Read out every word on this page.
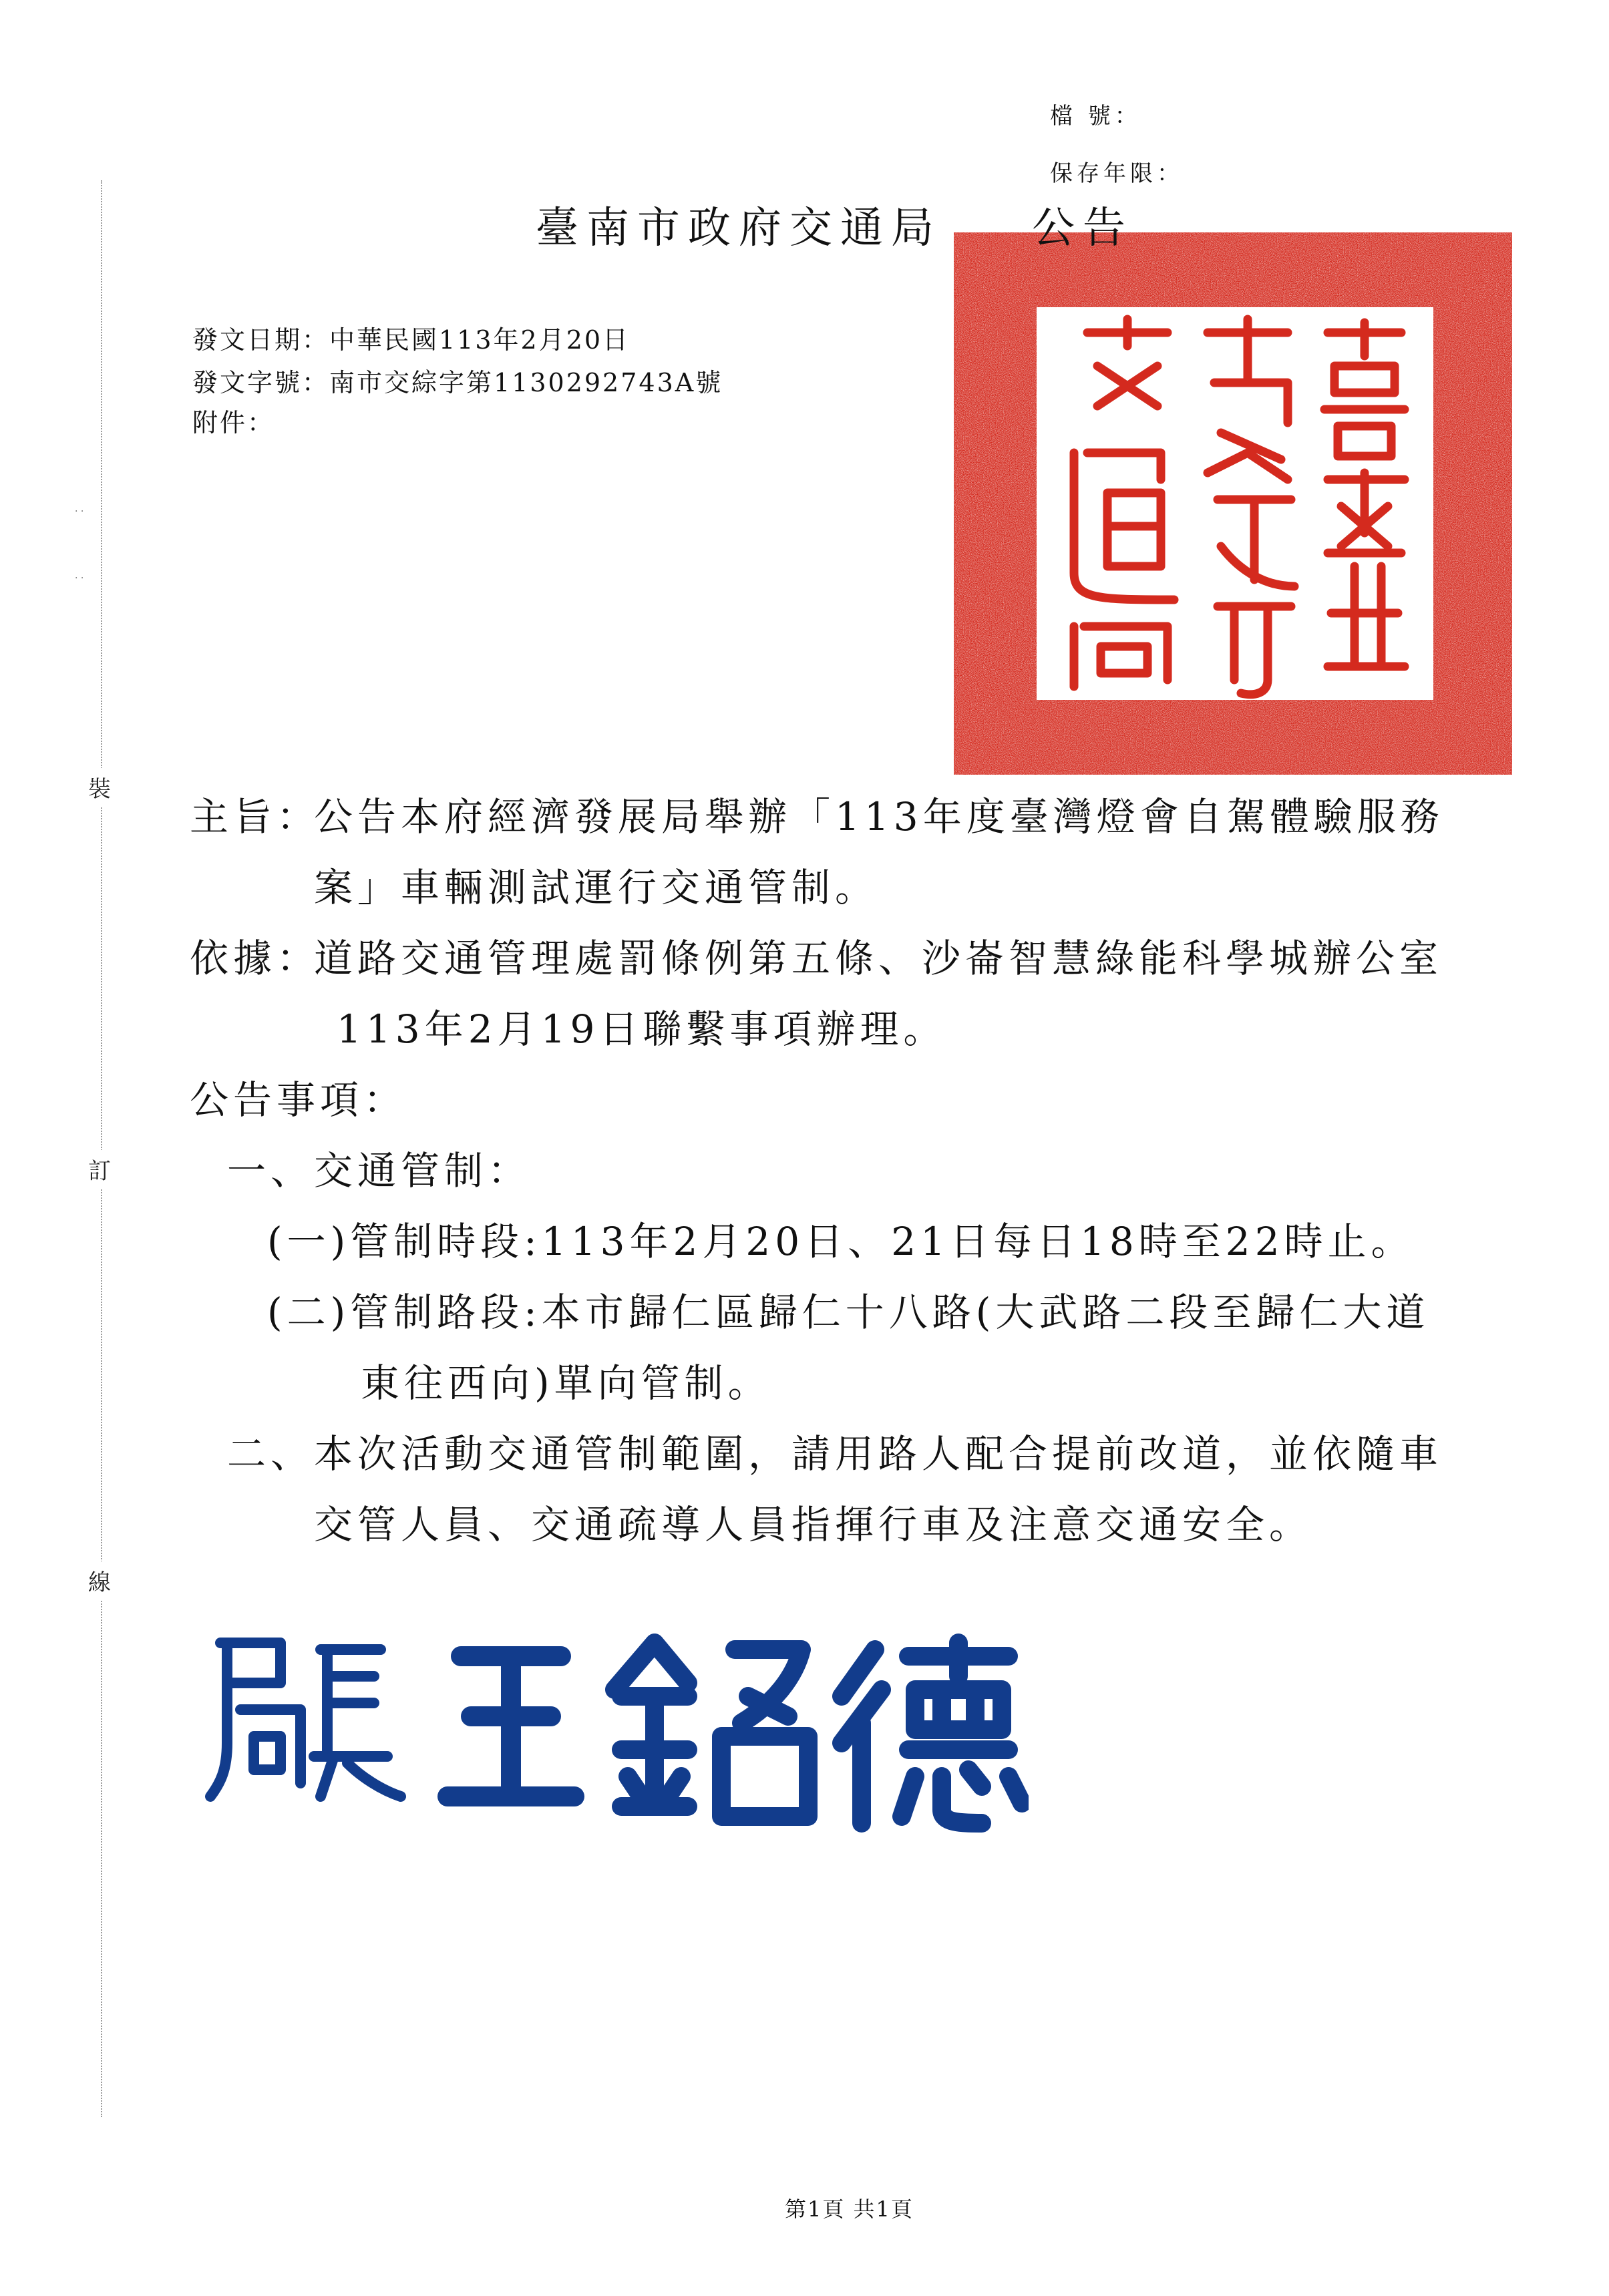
檔 號：
保存年限：
· ·
· ·
裝
訂
線
臺南市政府交通局 公告
發文日期：中華民國113年2月20日
發文字號：南市交綜字第1130292743A號
附件：
主旨：
公告本府經濟發展局舉辦「113年度臺灣燈會自駕體驗服務
案」車輛測試運行交通管制。
依據：
道路交通管理處罰條例第五條、沙崙智慧綠能科學城辦公室
113年2月19日聯繫事項辦理。
公告事項：
一、交通管制：
(一)管制時段:113年2月20日、21日每日18時至22時止。
(二)管制路段:本市歸仁區歸仁十八路(大武路二段至歸仁大道
東往西向)單向管制。
二、本次活動交通管制範圍，請用路人配合提前改道，並依隨車
交管人員、交通疏導人員指揮行車及注意交通安全。
第1頁 共1頁
